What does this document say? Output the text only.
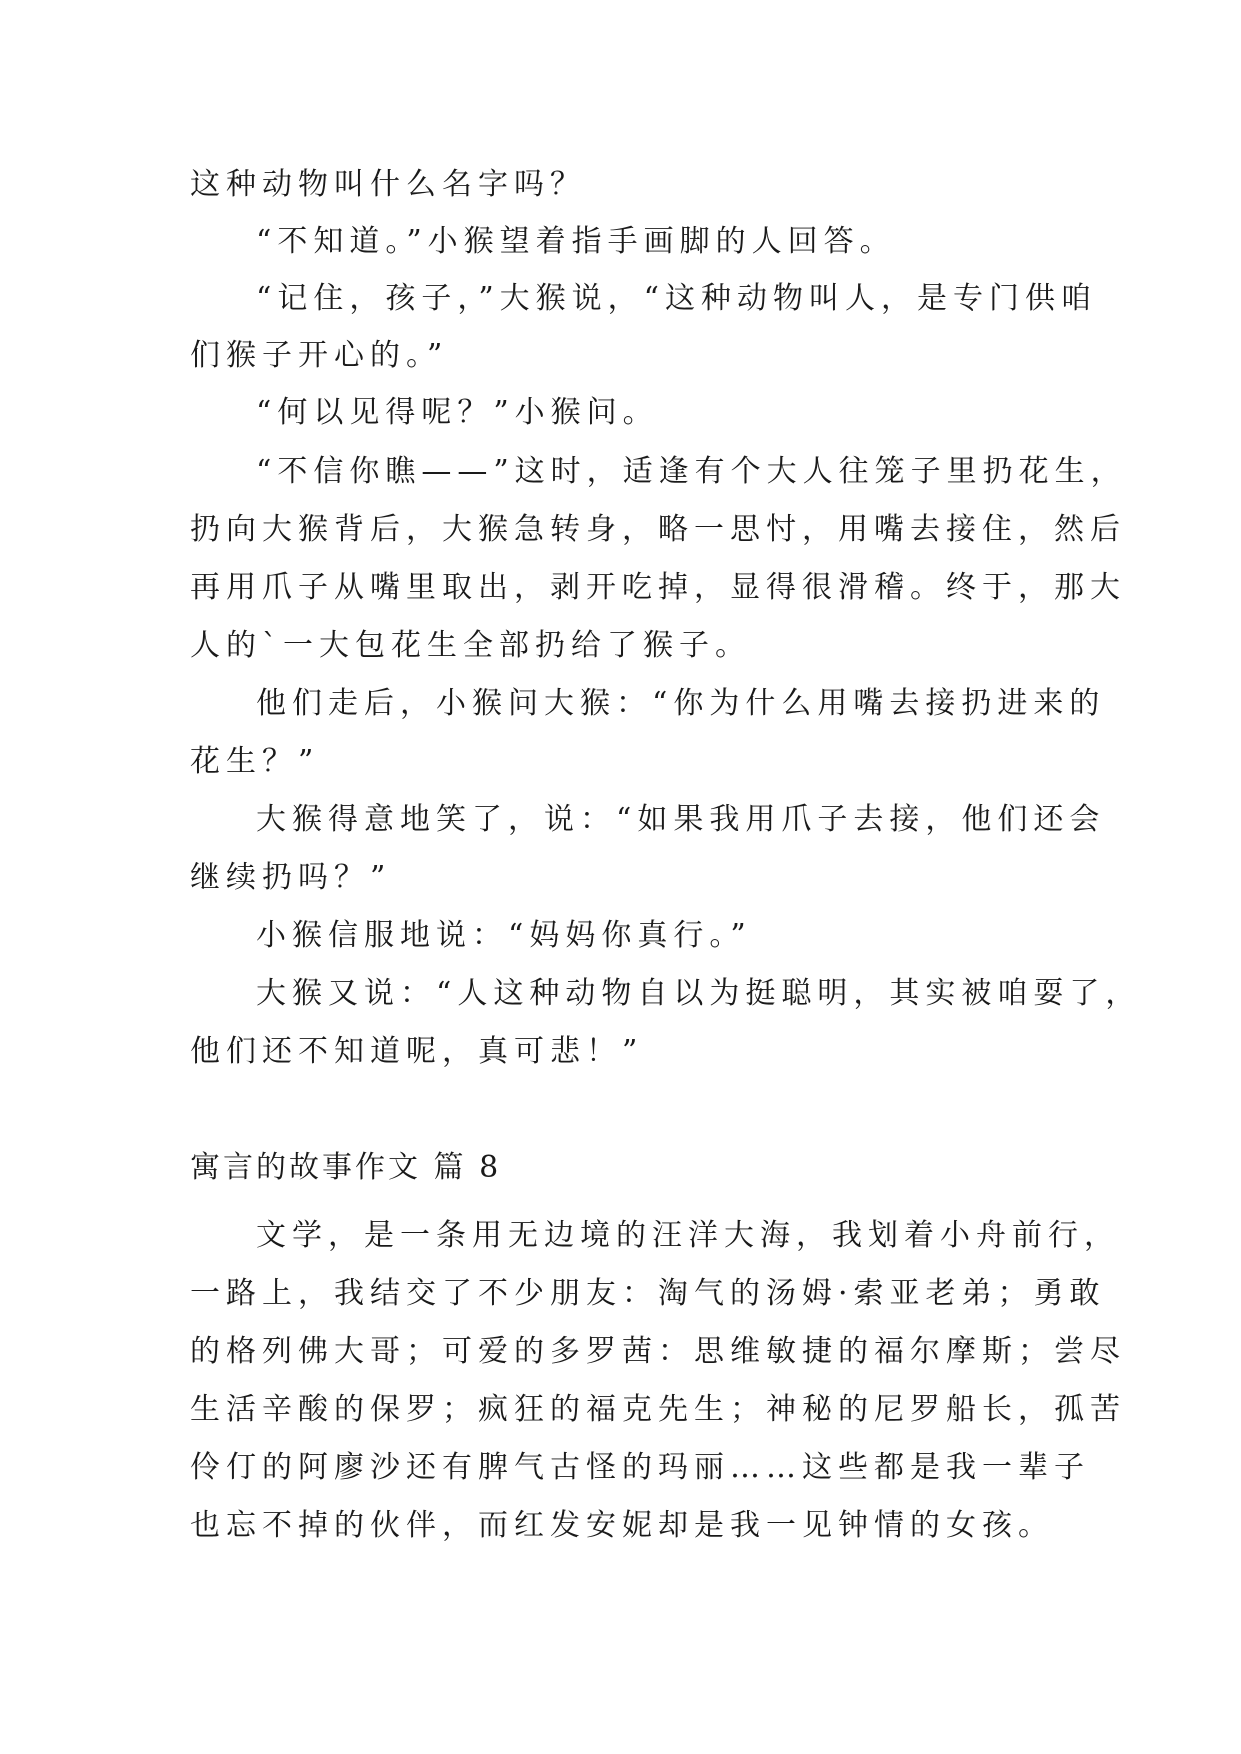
这种动物叫什么名字吗？
“不知道。”小猴望着指手画脚的人回答。
“记住，孩子，”大猴说，“这种动物叫人，是专门供咱
们猴子开心的。”
“何以见得呢？”小猴问。
“不信你瞧——”这时，适逢有个大人往笼子里扔花生，
扔向大猴背后，大猴急转身，略一思忖，用嘴去接住，然后
再用爪子从嘴里取出，剥开吃掉，显得很滑稽。终于，那大
人的`一大包花生全部扔给了猴子。
他们走后，小猴问大猴：“你为什么用嘴去接扔进来的
花生？”
大猴得意地笑了，说：“如果我用爪子去接，他们还会
继续扔吗？”
小猴信服地说：“妈妈你真行。”
大猴又说：“人这种动物自以为挺聪明，其实被咱耍了，
他们还不知道呢，真可悲！”
寓言的故事作文 篇 8
文学，是一条用无边境的汪洋大海，我划着小舟前行，
一路上，我结交了不少朋友：淘气的汤姆·索亚老弟；勇敢
的格列佛大哥；可爱的多罗茜：思维敏捷的福尔摩斯；尝尽
生活辛酸的保罗；疯狂的福克先生；神秘的尼罗船长，孤苦
伶仃的阿廖沙还有脾气古怪的玛丽……这些都是我一辈子
也忘不掉的伙伴，而红发安妮却是我一见钟情的女孩。
